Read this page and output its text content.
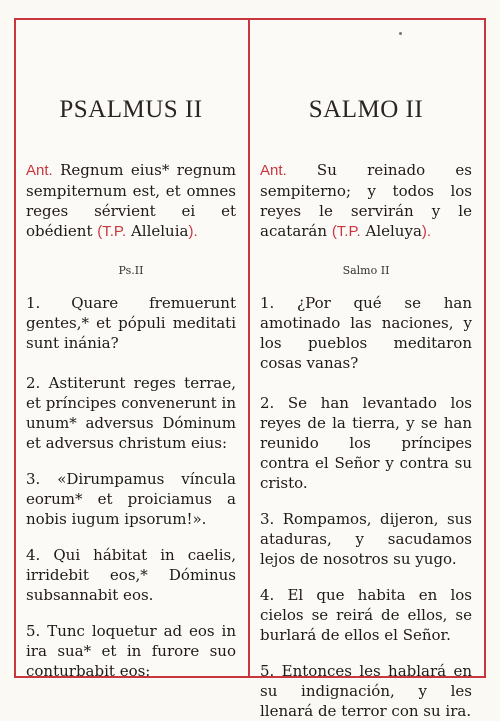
PSALMUS II
Ant. Regnum eius* regnum sempiternum est, et omnes reges sérvient ei et obédient (T.P. Alleluia).
Ps.II
1. Quare fremuerunt gentes,* et pópuli meditati sunt inánia?
2. Astiterunt reges terrae, et príncipes convenerunt in unum* adversus Dóminum et adversus christum eius:
3. «Dirumpamus víncula eorum* et proiciamus a nobis iugum ipsorum!».
4. Qui hábitat in caelis, irridebit eos,* Dóminus subsannabit eos.
5. Tunc loquetur ad eos in ira sua* et in furore suo conturbabit eos:
SALMO II
Ant. Su reinado es sempiterno; y todos los reyes le servirán y le acatarán (T.P. Aleluya).
Salmo II
1. ¿Por qué se han amotinado las naciones, y los pueblos meditaron cosas vanas?
2. Se han levantado los reyes de la tierra, y se han reunido los príncipes contra el Señor y contra su cristo.
3. Rompamos, dijeron, sus ataduras, y sacudamos lejos de nosotros su yugo.
4. El que habita en los cielos se reirá de ellos, se burlará de ellos el Señor.
5. Entonces les hablará en su indignación, y les llenará de terror con su ira.
